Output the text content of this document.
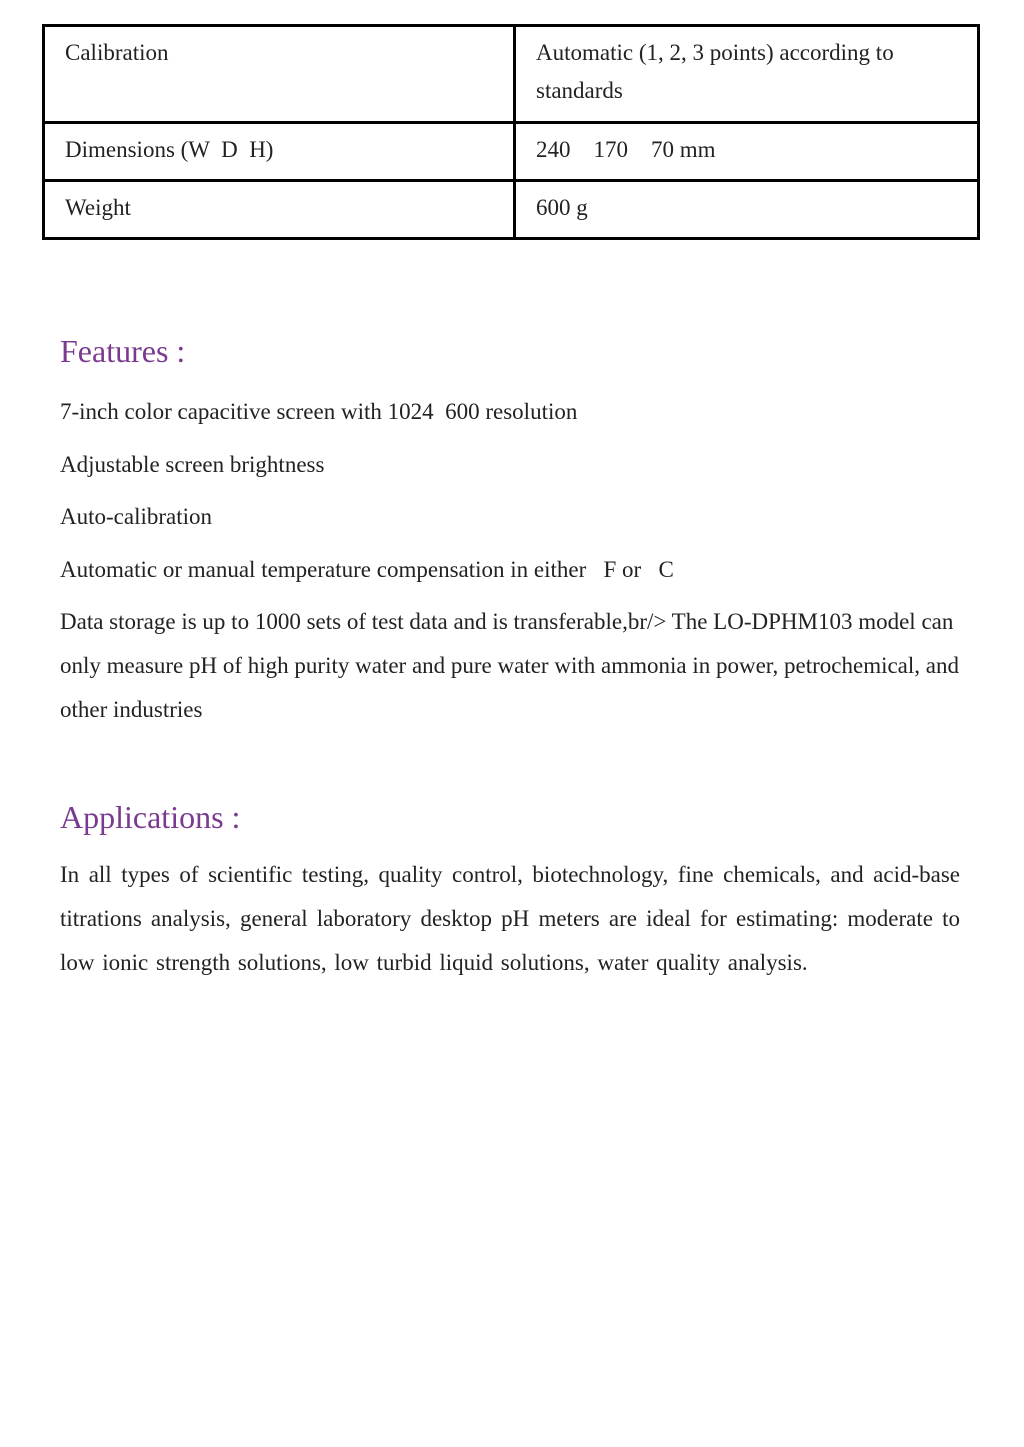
Calibration	Automatic (1, 2, 3 points) according to standards
Dimensions (W  D  H)	240    170    70 mm
Weight	600 g
Features :
7-inch color capacitive screen with 1024  600 resolution
Adjustable screen brightness
Auto-calibration
Automatic or manual temperature compensation in either   F or   C
Data storage is up to 1000 sets of test data and is transferable,br/> The LO-DPHM103 model can only measure pH of high purity water and pure water with ammonia in power, petrochemical, and other industries
Applications :

In all types of scientific testing, quality control, biotechnology, fine chemicals, and acid-base titrations analysis, general laboratory desktop pH meters are ideal for estimating: moderate to low ionic strength solutions, low turbid liquid solutions, water quality analysis.
